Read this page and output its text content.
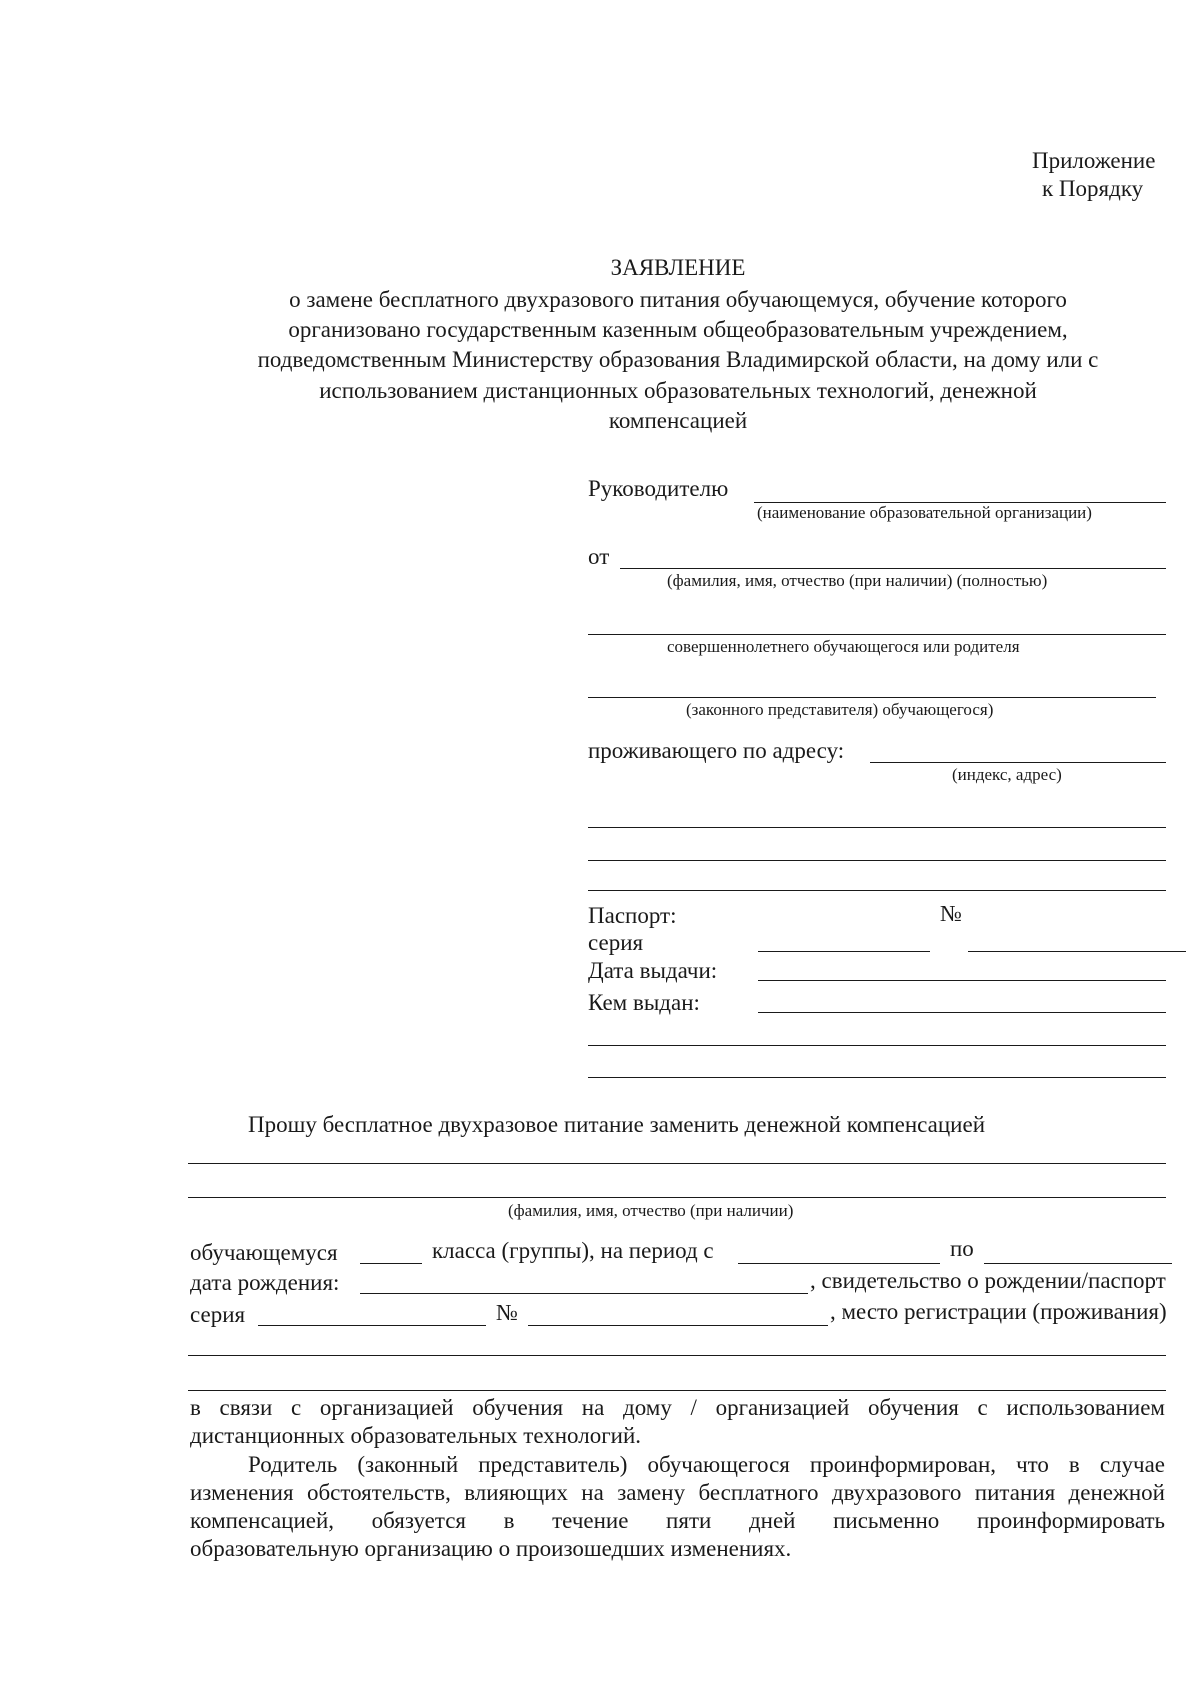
Приложение
к Порядку
ЗАЯВЛЕНИЕ
о замене бесплатного двухразового питания обучающемуся, обучение которого
организовано государственным казенным общеобразовательным учреждением,
подведомственным Министерству образования Владимирской области, на дому или с
использованием дистанционных образовательных технологий, денежной
компенсацией
Руководителю
(наименование образовательной организации)
от
(фамилия, имя, отчество (при наличии) (полностью)
совершеннолетнего обучающегося или родителя
(законного представителя) обучающегося)
проживающего по адресу:
(индекс, адрес)
Паспорт:	№
серия
Дата выдачи:
Кем выдан:
Прошу бесплатное двухразовое питание заменить денежной компенсацией
(фамилия, имя, отчество (при наличии)
обучающемуся	класса (группы), на период с	по
дата рождения:	, свидетельство о рождении/паспорт
серия	№	, место регистрации (проживания)
в связи с организацией обучения на дому / организацией обучения с использованием
дистанционных образовательных технологий.
Родитель (законный представитель) обучающегося проинформирован, что в случае
изменения обстоятельств, влияющих на замену бесплатного двухразового питания денежной
компенсацией, обязуется в течение пяти дней письменно проинформировать
образовательную организацию о произошедших изменениях.
